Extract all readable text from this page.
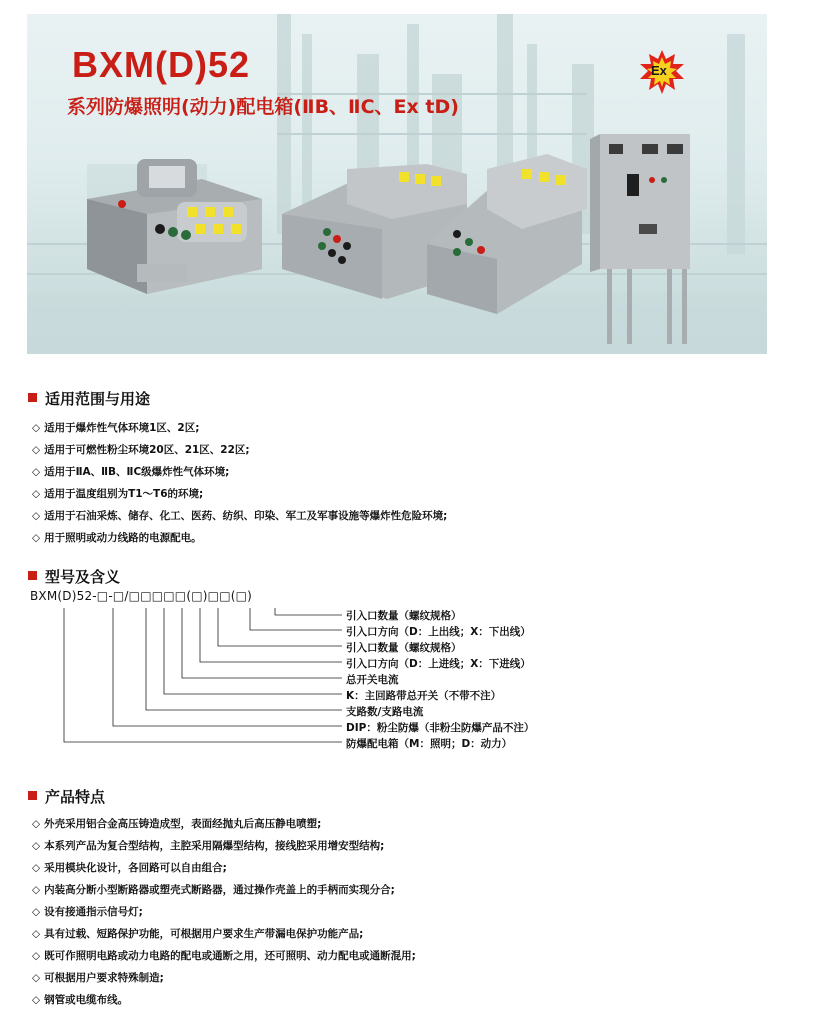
Ex
BXM(D)52
系列防爆照明(动力)配电箱(ⅡB、ⅡC、Ex tD)
适用范围与用途
◇ 适用于爆炸性气体环境1区、2区;
◇ 适用于可燃性粉尘环境20区、21区、22区;
◇ 适用于ⅡA、ⅡB、ⅡC级爆炸性气体环境;
◇ 适用于温度组别为T1～T6的环境;
◇ 适用于石油采炼、储存、化工、医药、纺织、印染、军工及军事设施等爆炸性危险环境;
◇ 用于照明或动力线路的电源配电。
型号及含义
BXM(D)52-□-□/□□□□□(□)□□(□)
引入口数量（螺纹规格）
引入口方向（D：上出线；X：下出线）
引入口数量（螺纹规格）
引入口方向（D：上进线；X：下进线）
总开关电流
K：主回路带总开关（不带不注）
支路数/支路电流
DIP：粉尘防爆（非粉尘防爆产品不注）
防爆配电箱（M：照明；D：动力）
产品特点
◇ 外壳采用铝合金高压铸造成型，表面经抛丸后高压静电喷塑;
◇ 本系列产品为复合型结构，主腔采用隔爆型结构，接线腔采用增安型结构;
◇ 采用模块化设计，各回路可以自由组合;
◇ 内装高分断小型断路器或塑壳式断路器，通过操作壳盖上的手柄而实现分合;
◇ 设有接通指示信号灯;
◇ 具有过载、短路保护功能，可根据用户要求生产带漏电保护功能产品;
◇ 既可作照明电路或动力电路的配电或通断之用，还可照明、动力配电或通断混用;
◇ 可根据用户要求特殊制造;
◇ 钢管或电缆布线。
